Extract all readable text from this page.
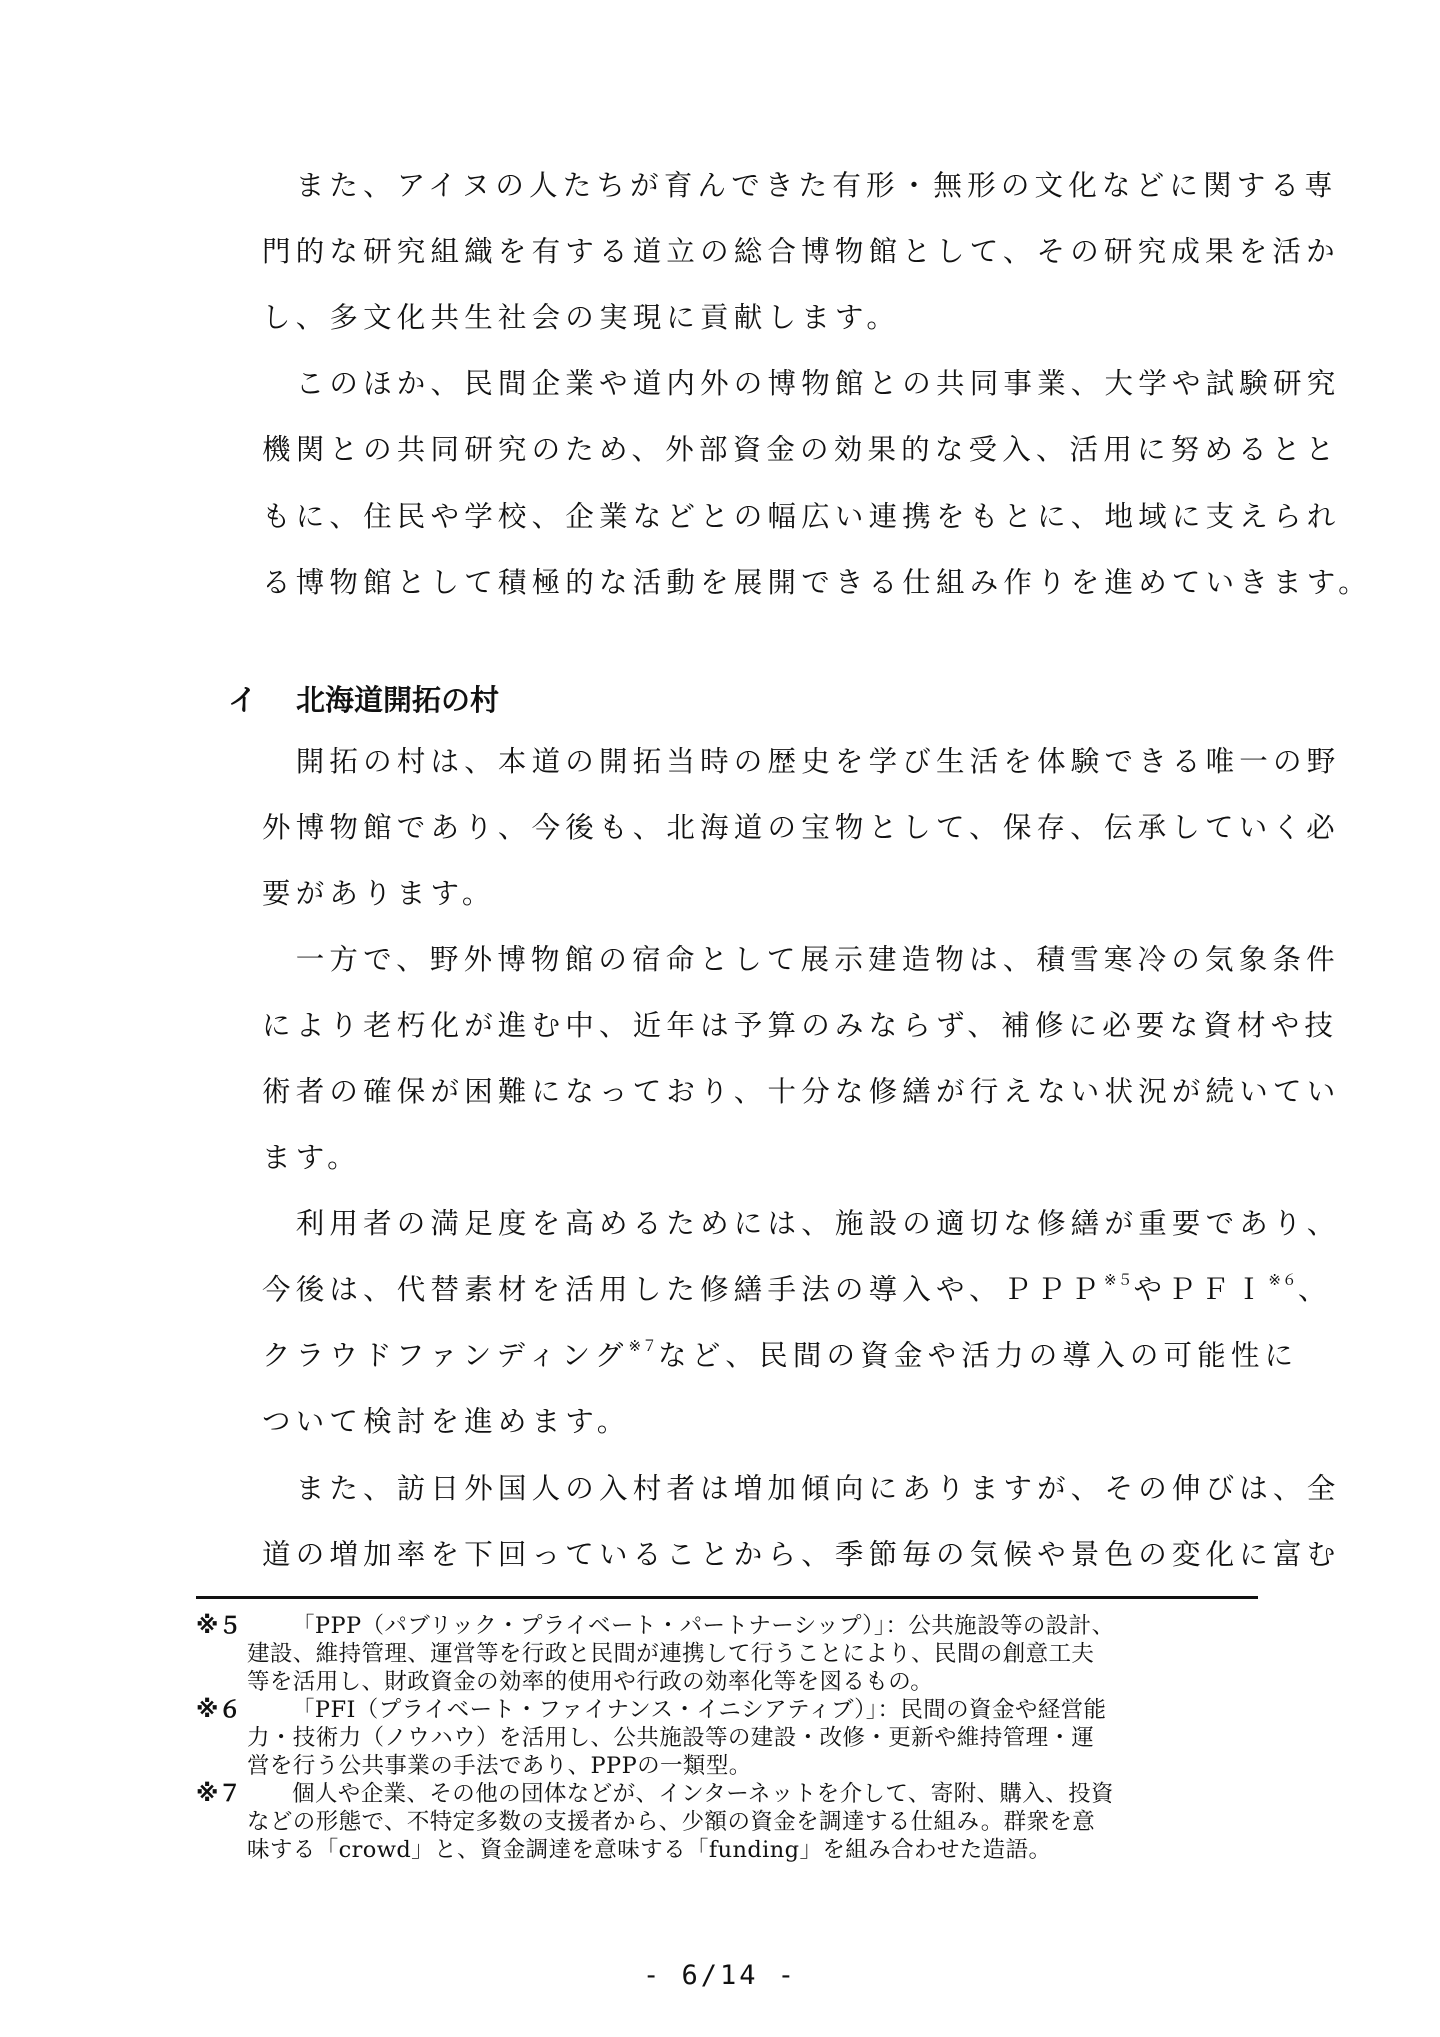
　また、アイヌの人たちが育んできた有形・無形の文化などに関する専
門的な研究組織を有する道立の総合博物館として、その研究成果を活か
し、多文化共生社会の実現に貢献します。
　このほか、民間企業や道内外の博物館との共同事業、大学や試験研究
機関との共同研究のため、外部資金の効果的な受入、活用に努めるとと
もに、住民や学校、企業などとの幅広い連携をもとに、地域に支えられ
る博物館として積極的な活動を展開できる仕組み作りを進めていきます。
イ 北海道開拓の村
　開拓の村は、本道の開拓当時の歴史を学び生活を体験できる唯一の野
外博物館であり、今後も、北海道の宝物として、保存、伝承していく必
要があります。
　一方で、野外博物館の宿命として展示建造物は、積雪寒冷の気象条件
により老朽化が進む中、近年は予算のみならず、補修に必要な資材や技
術者の確保が困難になっており、十分な修繕が行えない状況が続いてい
ます。
　利用者の満足度を高めるためには、施設の適切な修繕が重要であり、
今後は、代替素材を活用した修繕手法の導入や、ＰＰＰ$^{※5}$やＰＦＩ$^{※6}$、
クラウドファンディング$^{※7}$など、民間の資金や活力の導入の可能性に
ついて検討を進めます。
　また、訪日外国人の入村者は増加傾向にありますが、その伸びは、全
道の増加率を下回っていることから、季節毎の気候や景色の変化に富む
※５ 「PPP（パブリック・プライベート・パートナーシップ）」：公共施設等の設計、
建設、維持管理、運営等を行政と民間が連携して行うことにより、民間の創意工夫
等を活用し、財政資金の効率的使用や行政の効率化等を図るもの。
※６ 「PFI（プライベート・ファイナンス・イニシアティブ）」：民間の資金や経営能
力・技術力（ノウハウ）を活用し、公共施設等の建設・改修・更新や維持管理・運
営を行う公共事業の手法であり、PPPの一類型。
※７ 個人や企業、その他の団体などが、インターネットを介して、寄附、購入、投資
などの形態で、不特定多数の支援者から、少額の資金を調達する仕組み。群衆を意
味する「crowd」と、資金調達を意味する「funding」を組み合わせた造語。
- 6/14 -
